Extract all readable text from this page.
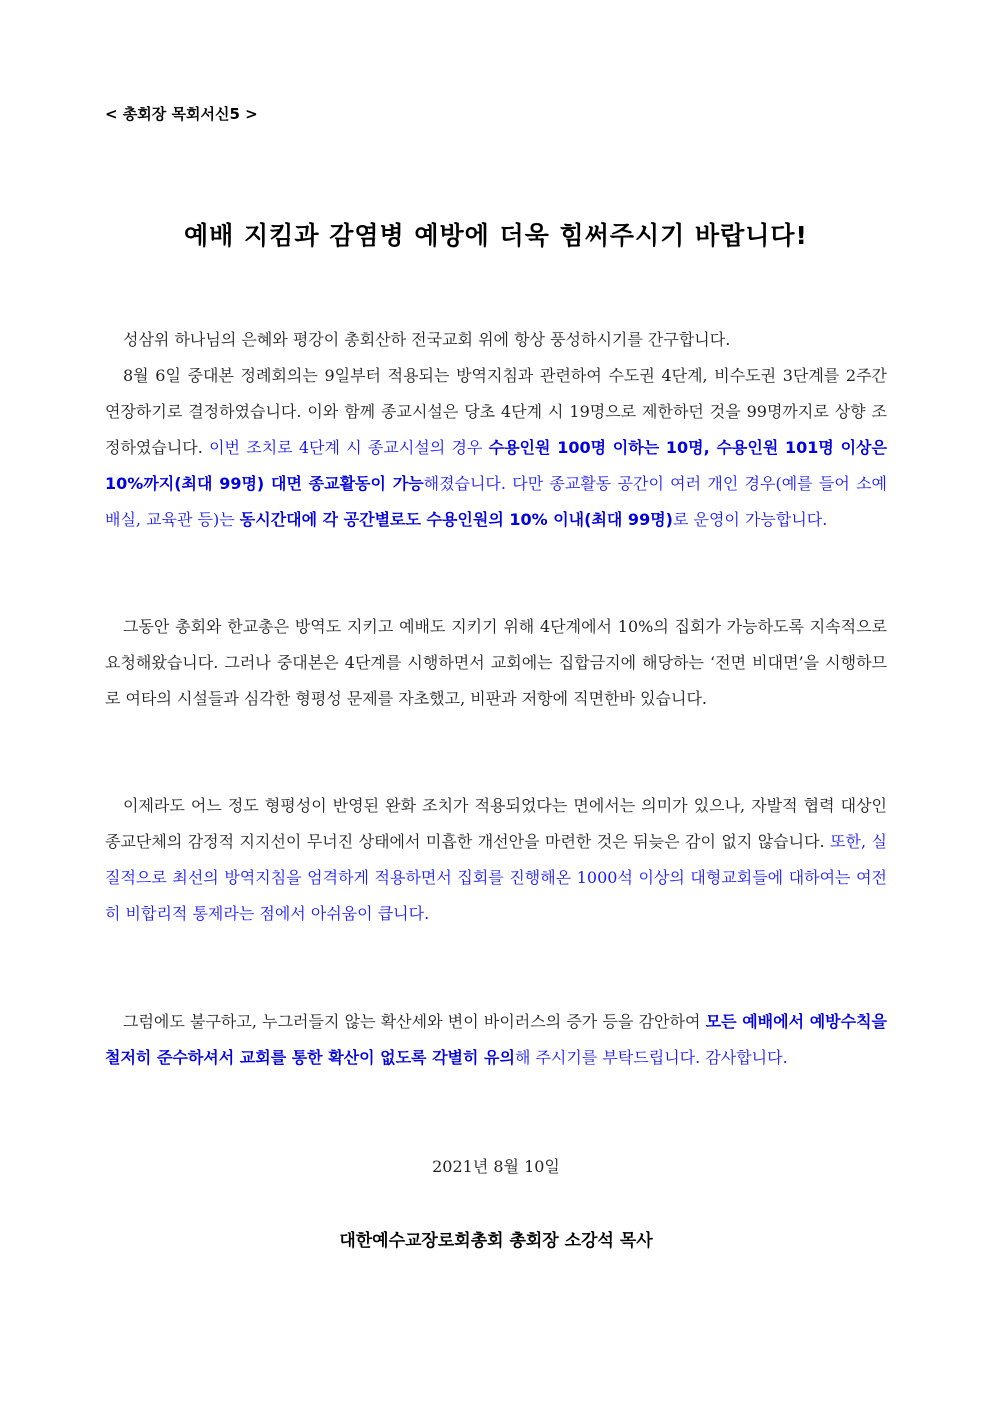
< 총회장 목회서신5 >
예배 지킴과 감염병 예방에 더욱 힘써주시기 바랍니다!

성삼위 하나님의 은혜와 평강이 총회산하 전국교회 위에 항상 풍성하시기를 간구합니다.

8월 6일 중대본 정례회의는 9일부터 적용되는 방역지침과 관련하여 수도권 4단계, 비수도권 3단계를 2주간 연장하기로 결정하였습니다. 이와 함께 종교시설은 당초 4단계 시 19명으로 제한하던 것을 99명까지로 상향 조정하였습니다. 이번 조치로 4단계 시 종교시설의 경우 수용인원 100명 이하는 10명, 수용인원 101명 이상은 10%까지(최대 99명) 대면 종교활동이 가능해졌습니다. 다만 종교활동 공간이 여러 개인 경우(예를 들어 소예배실, 교육관 등)는 동시간대에 각 공간별로도 수용인원의 10% 이내(최대 99명)로 운영이 가능합니다.

그동안 총회와 한교총은 방역도 지키고 예배도 지키기 위해 4단계에서 10%의 집회가 가능하도록 지속적으로 요청해왔습니다. 그러나 중대본은 4단계를 시행하면서 교회에는 집합금지에 해당하는 ‘전면 비대면’을 시행하므로 여타의 시설들과 심각한 형평성 문제를 자초했고, 비판과 저항에 직면한바 있습니다.

이제라도 어느 정도 형평성이 반영된 완화 조치가 적용되었다는 면에서는 의미가 있으나, 자발적 협력 대상인 종교단체의 감정적 지지선이 무너진 상태에서 미흡한 개선안을 마련한 것은 뒤늦은 감이 없지 않습니다. 또한, 실질적으로 최선의 방역지침을 엄격하게 적용하면서 집회를 진행해온 1000석 이상의 대형교회들에 대하여는 여전히 비합리적 통제라는 점에서 아쉬움이 큽니다.

그럼에도 불구하고, 누그러들지 않는 확산세와 변이 바이러스의 증가 등을 감안하여 모든 예배에서 예방수칙을 철저히 준수하셔서 교회를 통한 확산이 없도록 각별히 유의해 주시기를 부탁드립니다. 감사합니다.

2021년 8월 10일
대한예수교장로회총회 총회장 소강석 목사
